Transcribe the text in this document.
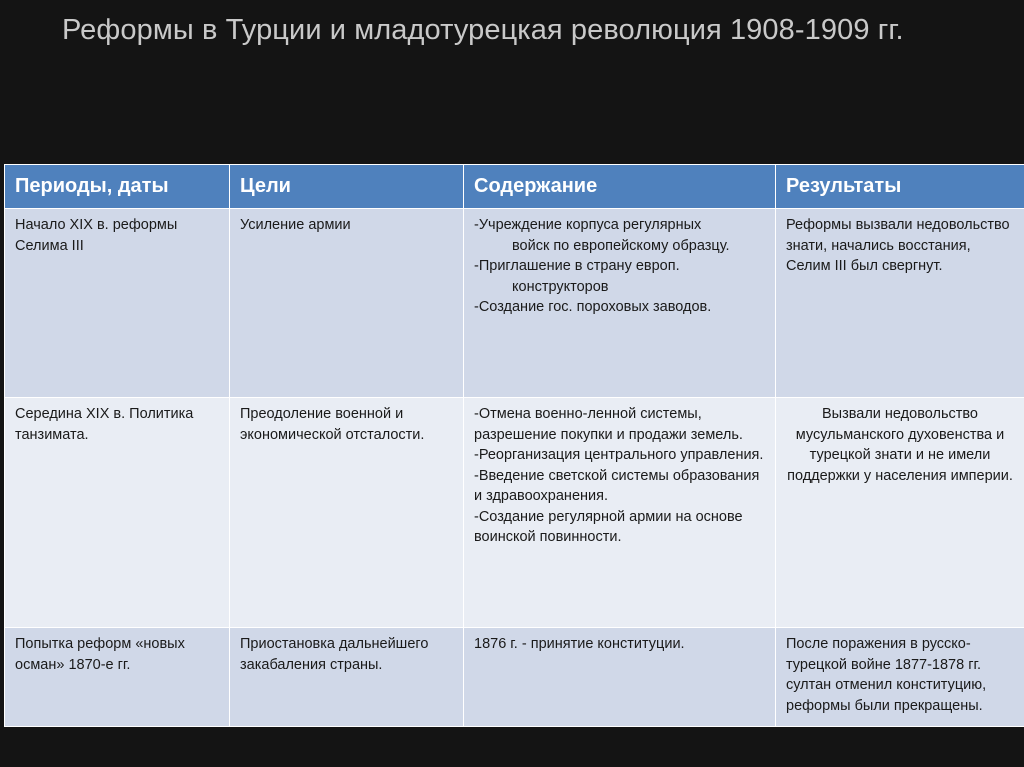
Реформы в Турции и младотурецкая революция 1908-1909 гг.
Периоды, даты	Цели	Содержание	Результаты
Начало XIX в. реформы Селима III	Усиление армии	-Учреждение корпуса регулярных
войск по европейскому образцу.
-Приглашение в страну европ.
конструкторов
-Создание гос. пороховых заводов.	Реформы вызвали недовольство знати, начались восстания, Селим III был свергнут.
Середина XIX в. Политика танзимата.	Преодоление военной и экономической отсталости.	-Отмена военно-ленной системы, разрешение покупки и продажи земель.
-Реорганизация центрального управления.
-Введение светской системы образования и здравоохранения.
-Создание регулярной армии на основе воинской повинности.	Вызвали недовольство мусульманского духовенства и турецкой знати и не имели поддержки у населения империи.
Попытка реформ «новых осман» 1870-е гг.	Приостановка дальнейшего закабаления страны.	1876 г. - принятие конституции.	После поражения в русско-турецкой войне 1877-1878 гг. султан отменил конституцию, реформы были прекращены.
